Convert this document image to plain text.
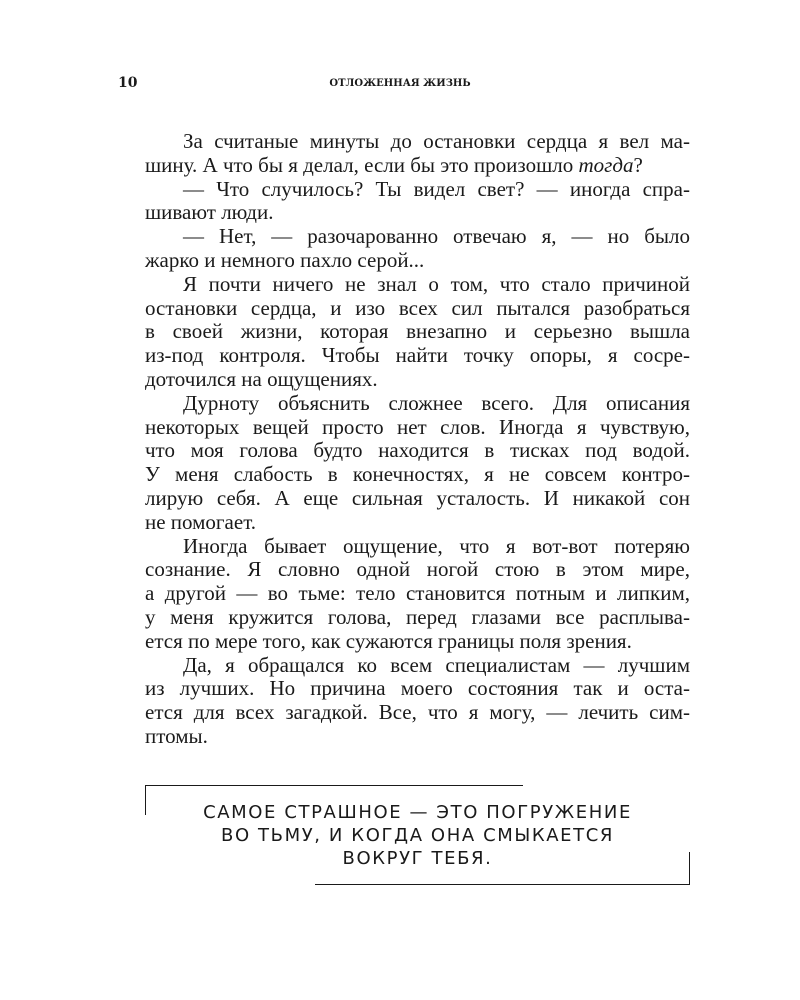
10	ОТЛОЖЕННАЯ ЖИЗНЬ

За считаные минуты до остановки сердца я вел ма-
шину. А что бы я делал, если бы это произошло тогда?

— Что случилось? Ты видел свет? — иногда спра-
шивают люди.

— Нет, — разочарованно отвечаю я, — но было
жарко и немного пахло серой...

Я почти ничего не знал о том, что стало причиной
остановки сердца, и изо всех сил пытался разобраться
в своей жизни, которая внезапно и серьезно вышла
из-под контроля. Чтобы найти точку опоры, я сосре-
доточился на ощущениях.

Дурноту объяснить сложнее всего. Для описания
некоторых вещей просто нет слов. Иногда я чувствую,
что моя голова будто находится в тисках под водой.
У меня слабость в конечностях, я не совсем контро-
лирую себя. А еще сильная усталость. И никакой сон
не помогает.

Иногда бывает ощущение, что я вот-вот потеряю
сознание. Я словно одной ногой стою в этом мире,
а другой — во тьме: тело становится потным и липким,
у меня кружится голова, перед глазами все расплыва-
ется по мере того, как сужаются границы поля зрения.

Да, я обращался ко всем специалистам — лучшим
из лучших. Но причина моего состояния так и оста-
ется для всех загадкой. Все, что я могу, — лечить сим-
птомы.

САМОЕ СТРАШНОЕ — ЭТО ПОГРУЖЕНИЕ
ВО ТЬМУ, И КОГДА ОНА СМЫКАЕТСЯ
ВОКРУГ ТЕБЯ.
